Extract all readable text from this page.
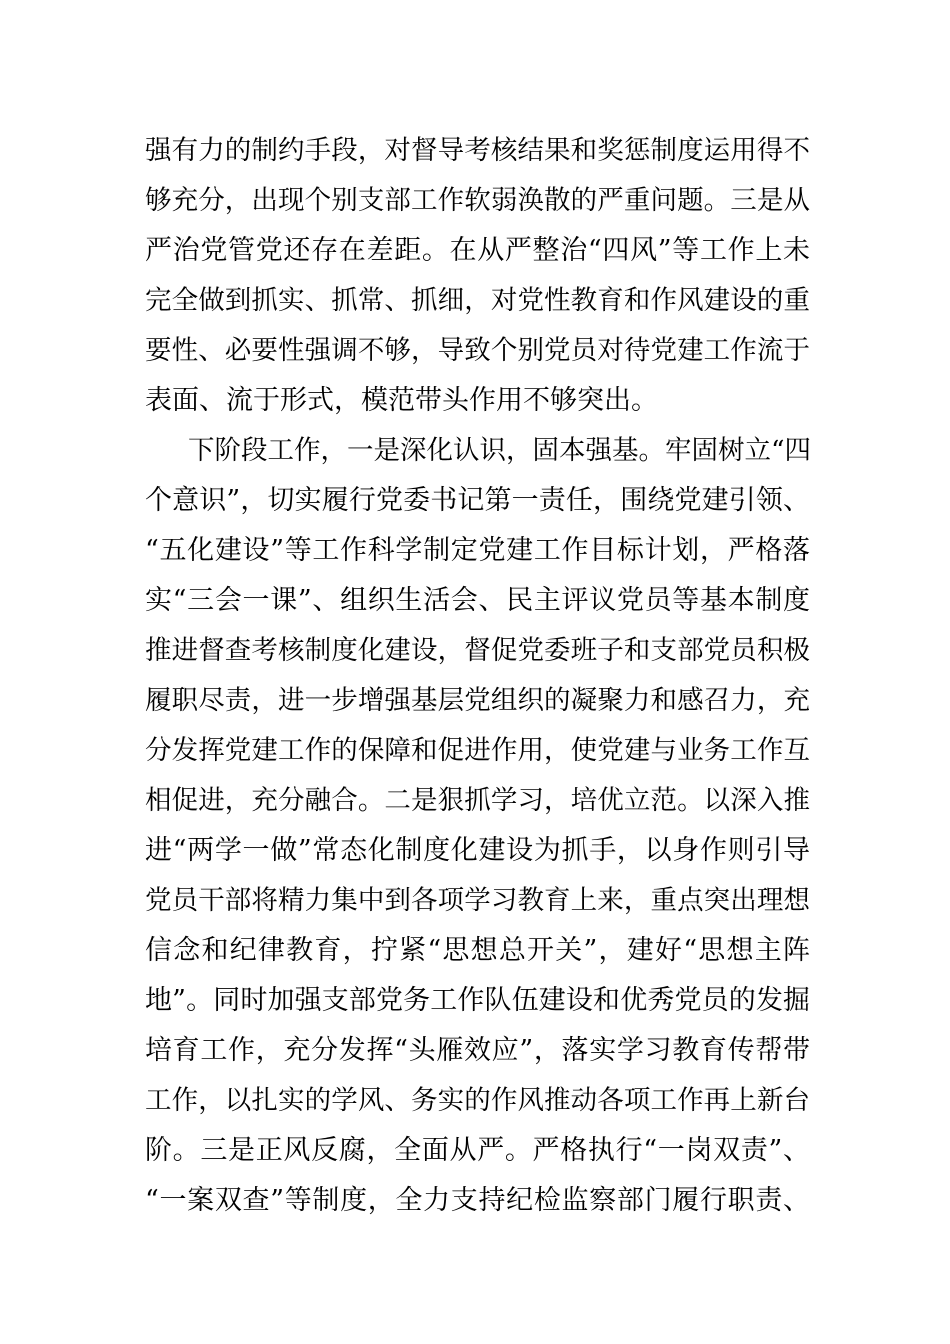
强有力的制约手段，对督导考核结果和奖惩制度运用得不
够充分，出现个别支部工作软弱涣散的严重问题。三是从
严治党管党还存在差距。在从严整治“四风”等工作上未
完全做到抓实、抓常、抓细，对党性教育和作风建设的重
要性、必要性强调不够，导致个别党员对待党建工作流于
表面、流于形式，模范带头作用不够突出。
下阶段工作，一是深化认识，固本强基。牢固树立“四
个意识”，切实履行党委书记第一责任，围绕党建引领、
“五化建设”等工作科学制定党建工作目标计划，严格落
实“三会一课”、组织生活会、民主评议党员等基本制度
推进督查考核制度化建设，督促党委班子和支部党员积极
履职尽责，进一步增强基层党组织的凝聚力和感召力，充
分发挥党建工作的保障和促进作用，使党建与业务工作互
相促进，充分融合。二是狠抓学习，培优立范。以深入推
进“两学一做”常态化制度化建设为抓手，以身作则引导
党员干部将精力集中到各项学习教育上来，重点突出理想
信念和纪律教育，拧紧“思想总开关”，建好“思想主阵
地”。同时加强支部党务工作队伍建设和优秀党员的发掘
培育工作，充分发挥“头雁效应”，落实学习教育传帮带
工作，以扎实的学风、务实的作风推动各项工作再上新台
阶。三是正风反腐，全面从严。严格执行“一岗双责”、
“一案双查”等制度，全力支持纪检监察部门履行职责、
